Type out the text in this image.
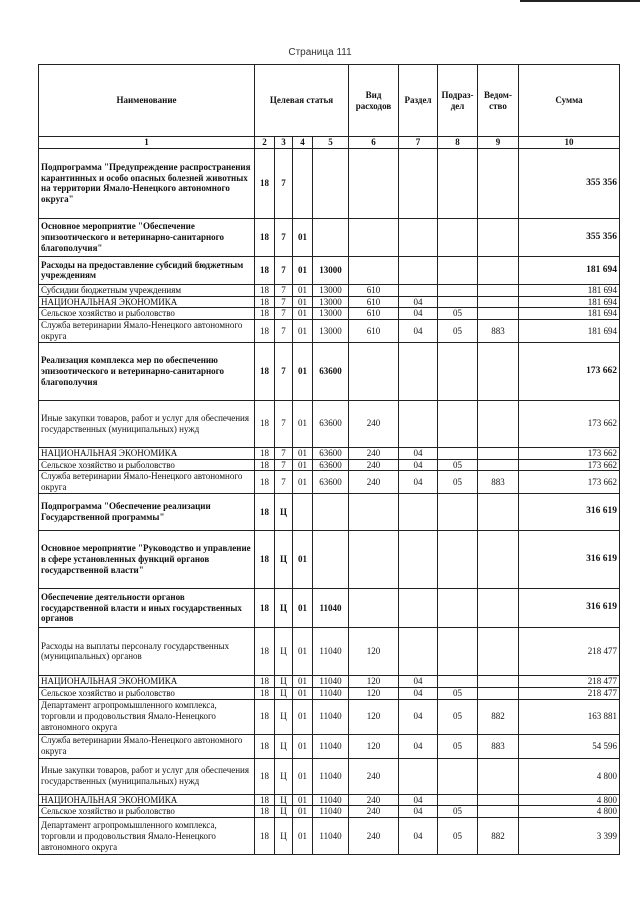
Страница 111
Наименование	Целевая статья				Вид расходов	Раздел	Подраз-дел	Ведом-ство	Сумма
1	2	3	4	5	6	7	8	9	10
Подпрограмма "Предупреждение распространения карантинных и особо опасных болезней животных на территории Ямало-Ненецкого автономного округа"	18	7							355 356
Основное мероприятие "Обеспечение эпизоотического и ветеринарно-санитарного благополучия"	18	7	01						355 356
Расходы на предоставление субсидий бюджетным учреждениям	18	7	01	13000					181 694
Субсидии бюджетным учреждениям	18	7	01	13000	610				181 694
НАЦИОНАЛЬНАЯ ЭКОНОМИКА	18	7	01	13000	610	04			181 694
Сельское хозяйство и рыболовство	18	7	01	13000	610	04	05		181 694
Служба ветеринарии Ямало-Ненецкого автономного округа	18	7	01	13000	610	04	05	883	181 694
Реализация комплекса мер по обеспечению эпизоотического и ветеринарно-санитарного благополучия	18	7	01	63600					173 662
Иные закупки товаров, работ и услуг для обеспечения государственных (муниципальных) нужд	18	7	01	63600	240				173 662
НАЦИОНАЛЬНАЯ ЭКОНОМИКА	18	7	01	63600	240	04			173 662
Сельское хозяйство и рыболовство	18	7	01	63600	240	04	05		173 662
Служба ветеринарии Ямало-Ненецкого автономного округа	18	7	01	63600	240	04	05	883	173 662
Подпрограмма "Обеспечение реализации Государственной программы"	18	Ц							316 619
Основное мероприятие "Руководство и управление в сфере установленных функций органов государственной власти"	18	Ц	01						316 619
Обеспечение деятельности органов государственной власти и иных государственных органов	18	Ц	01	11040					316 619
Расходы на выплаты персоналу государственных (муниципальных) органов	18	Ц	01	11040	120				218 477
НАЦИОНАЛЬНАЯ ЭКОНОМИКА	18	Ц	01	11040	120	04			218 477
Сельское хозяйство и рыболовство	18	Ц	01	11040	120	04	05		218 477
Департамент агропромышленного комплекса, торговли и продовольствия Ямало-Ненецкого автономного округа	18	Ц	01	11040	120	04	05	882	163 881
Служба ветеринарии Ямало-Ненецкого автономного округа	18	Ц	01	11040	120	04	05	883	54 596
Иные закупки товаров, работ и услуг для обеспечения государственных (муниципальных) нужд	18	Ц	01	11040	240				4 800
НАЦИОНАЛЬНАЯ ЭКОНОМИКА	18	Ц	01	11040	240	04			4 800
Сельское хозяйство и рыболовство	18	Ц	01	11040	240	04	05		4 800
Департамент агропромышленного комплекса, торговли и продовольствия Ямало-Ненецкого автономного округа	18	Ц	01	11040	240	04	05	882	3 399
